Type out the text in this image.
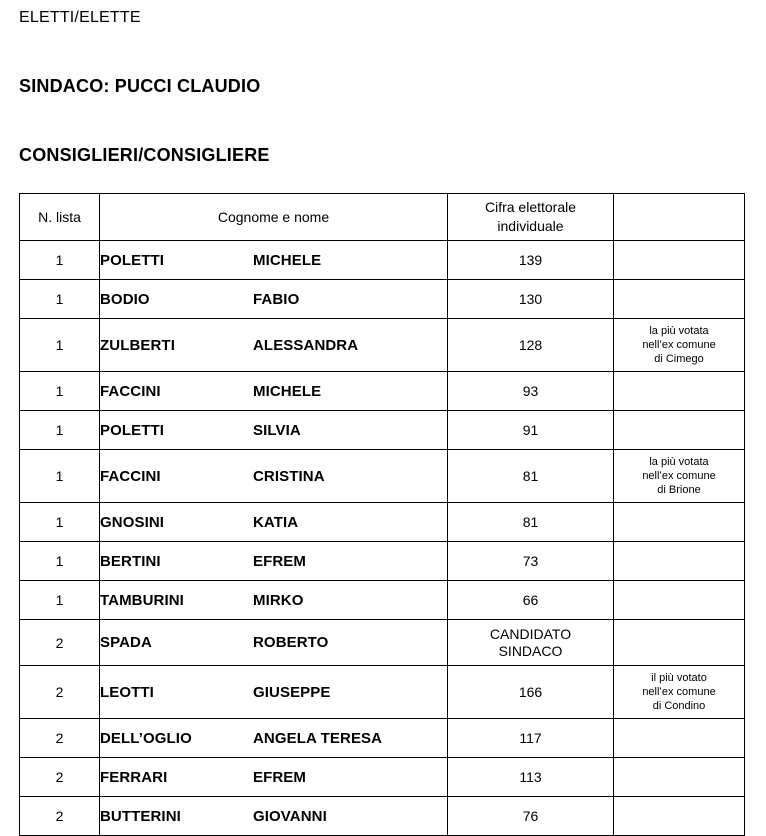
ELETTI/ELETTE
SINDACO: PUCCI CLAUDIO
CONSIGLIERI/CONSIGLIERE
N. lista	Cognome e nome	Cifra elettorale
individuale	

1	POLETTI MICHELE	139	

1	BODIO FABIO	130	

1	ZULBERTI ALESSANDRA	128	la più votata
nell’ex comune
di Cimego

1	FACCINI MICHELE	93	

1	POLETTI SILVIA	91	

1	FACCINI CRISTINA	81	la più votata
nell’ex comune
di Brione

1	GNOSINI KATIA	81	

1	BERTINI EFREM	73	

1	TAMBURINI MIRKO	66	

2	SPADA ROBERTO	CANDIDATO
SINDACO	

2	LEOTTI GIUSEPPE	166	il più votato
nell’ex comune
di Condino

2	DELL’OGLIO ANGELA TERESA	117	

2	FERRARI EFREM	113	

2	BUTTERINI GIOVANNI	76	
